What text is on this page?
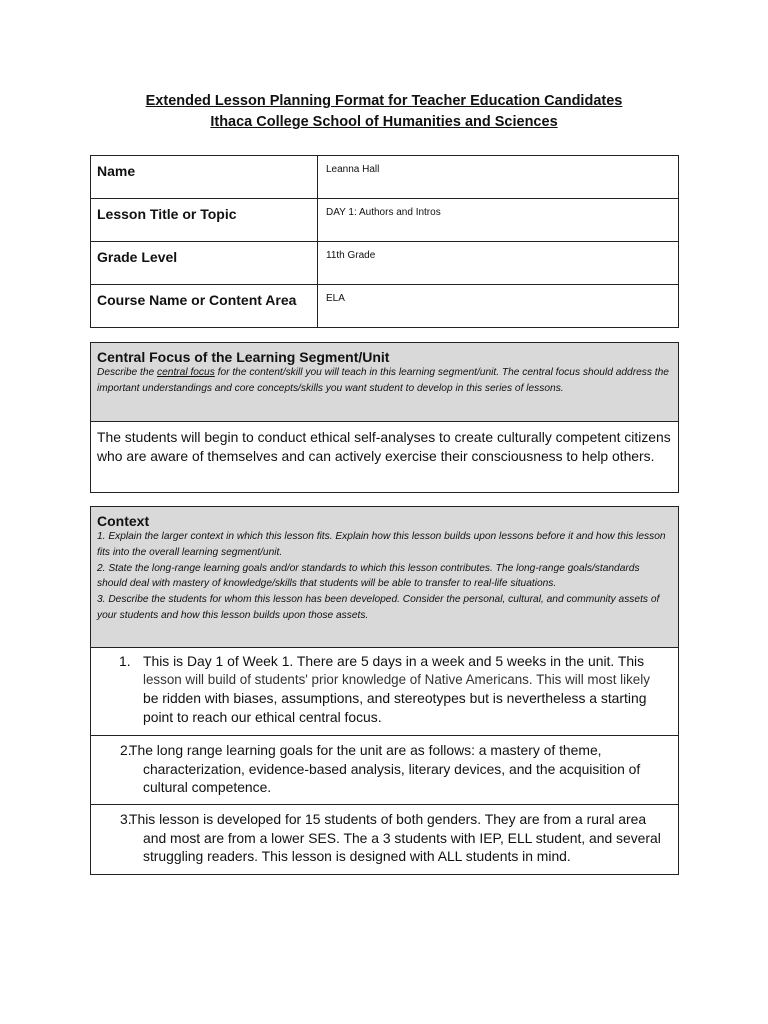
Extended Lesson Planning Format for Teacher Education Candidates
Ithaca College School of Humanities and Sciences
Name	Leanna Hall
Lesson Title or Topic	DAY 1: Authors and Intros
Grade Level	11th Grade
Course Name or Content Area	ELA
Central Focus of the Learning Segment/Unit
Describe the central focus for the content/skill you will teach in this learning segment/unit. The central focus should address the important understandings and core concepts/skills you want student to develop in this series of lessons.
The students will begin to conduct ethical self-analyses to create culturally competent citizens who are aware of themselves and can actively exercise their consciousness to help others.
Context
1. Explain the larger context in which this lesson fits. Explain how this lesson builds upon lessons before it and how this lesson fits into the overall learning segment/unit.
2. State the long-range learning goals and/or standards to which this lesson contributes. The long-range goals/standards should deal with mastery of knowledge/skills that students will be able to transfer to real-life situations.
3. Describe the students for whom this lesson has been developed. Consider the personal, cultural, and community assets of your students and how this lesson builds upon those assets.
1. This is Day 1 of Week 1. There are 5 days in a week and 5 weeks in the unit. This
lesson will build of students' prior knowledge of Native Americans. This will most likely
be ridden with biases, assumptions, and stereotypes but is nevertheless a starting point to reach our ethical central focus.
2.
The long range learning goals for the unit are as follows: a mastery of theme,
characterization, evidence-based analysis, literary devices, and the acquisition of cultural competence.
3.
This lesson is developed for 15 students of both genders. They are from a rural area
and most are from a lower SES. The a 3 students with IEP, ELL student, and several struggling readers. This lesson is designed with ALL students in mind.
